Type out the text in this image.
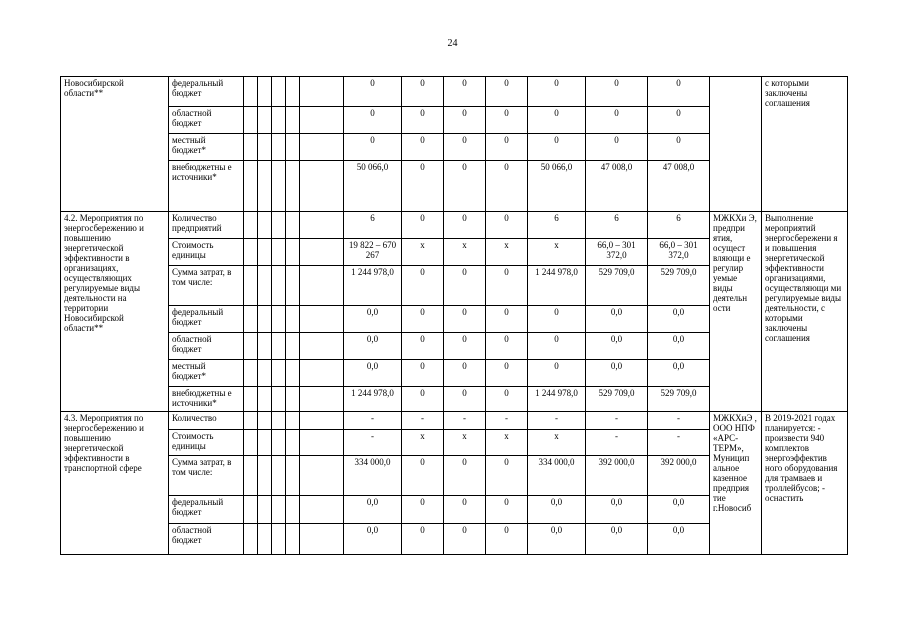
24
Новосибирской области**	федеральный бюджет						0	0	0	0	0	0	0		с которыми заключены соглашения
	областной бюджет						0	0	0	0	0	0	0		
	местный бюджет*						0	0	0	0	0	0	0		
	внебюджетны е источники*						50 066,0	0	0	0	50 066,0	47 008,0	47 008,0		
4.2. Мероприятия по энергосбережению и повышению энергетической эффективности в организациях, осуществляющих регулируемые виды деятельности на территории Новосибирской области**	Количество предприятий						6	0	0	0	6	6	6	МЖКХи Э, предпри ятия, осущест вляющи е регулир уемые виды деятельн ости	Выполнение мероприятий энергосбережени я и повышения энергетической эффективности организациями, осуществляющи ми регулируемые виды деятельности, с которыми заключены соглашения
	Стоимость единицы						19 822 – 670 267	x	x	x	x	66,0 – 301 372,0	66,0 – 301 372,0		
	Сумма затрат, в том числе:						1 244 978,0	0	0	0	1 244 978,0	529 709,0	529 709,0		
	федеральный бюджет						0,0	0	0	0	0	0,0	0,0		
	областной бюджет						0,0	0	0	0	0	0,0	0,0		
	местный бюджет*						0,0	0	0	0	0	0,0	0,0		
	внебюджетны е источники*						1 244 978,0	0	0	0	1 244 978,0	529 709,0	529 709,0		
4.3. Мероприятия по энергосбережению и повышению энергетической эффективности в транспортной сфере	Количество						-	-	-	-	-	-	-	МЖКХиЭ , ООО НПФ «АРС-ТЕРМ», Муницип альное казенное предприя тие г.Новосиб	В 2019-2021 годах планируется: - произвести 940 комплектов энергоэффектив ного оборудования для трамваев и троллейбусов; - оснастить
	Стоимость единицы						-	x	x	x	x	-	-		
	Сумма затрат, в том числе:						334 000,0	0	0	0	334 000,0	392 000,0	392 000,0		
	федеральный бюджет						0,0	0	0	0	0,0	0,0	0,0		
	областной бюджет						0,0	0	0	0	0,0	0,0	0,0		
